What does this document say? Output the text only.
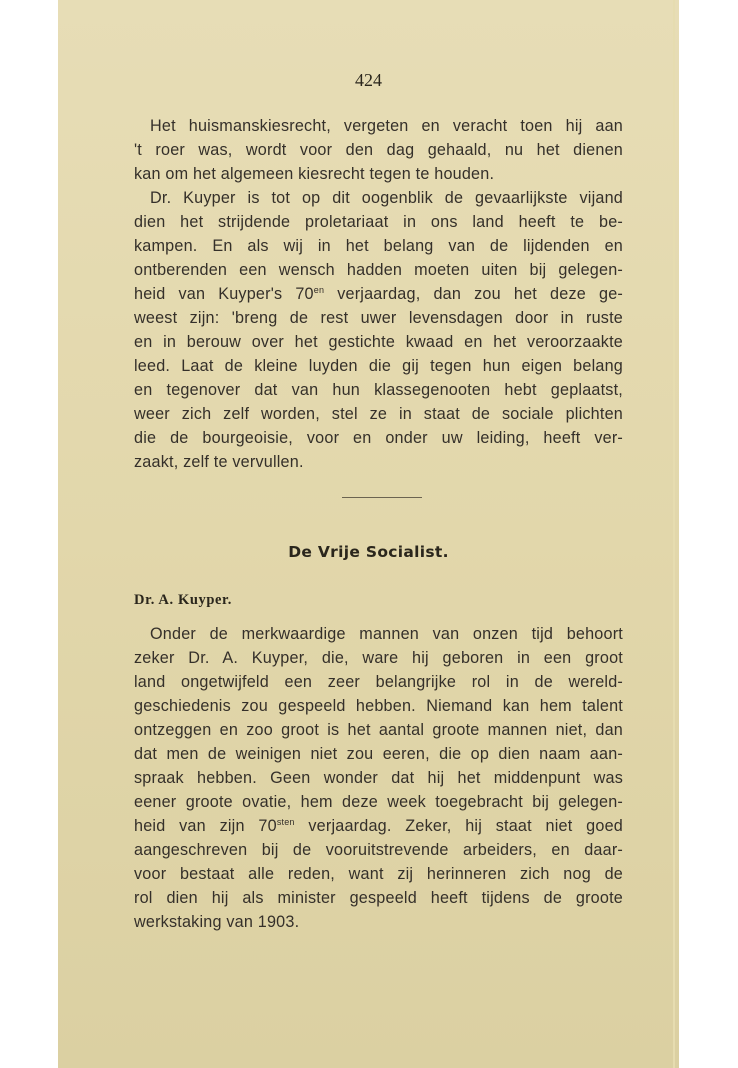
424
Het huismanskiesrecht, vergeten en veracht toen hij aan
't roer was, wordt voor den dag gehaald, nu het dienen
kan om het algemeen kiesrecht tegen te houden.
Dr. Kuyper is tot op dit oogenblik de gevaarlijkste vijand
dien het strijdende proletariaat in ons land heeft te be-
kampen. En als wij in het belang van de lijdenden en
ontberenden een wensch hadden moeten uiten bij gelegen-
heid van Kuyper's $70^{en}$ verjaardag, dan zou het deze ge-
weest zijn: 'breng de rest uwer levensdagen door in ruste
en in berouw over het gestichte kwaad en het veroorzaakte
leed. Laat de kleine luyden die gij tegen hun eigen belang
en tegenover dat van hun klassegenooten hebt geplaatst,
weer zich zelf worden, stel ze in staat de sociale plichten
die de bourgeoisie, voor en onder uw leiding, heeft ver-
zaakt, zelf te vervullen.
De Vrije Socialist.
Dr. A. Kuyper.
Onder de merkwaardige mannen van onzen tijd behoort
zeker Dr. A. Kuyper, die, ware hij geboren in een groot
land ongetwijfeld een zeer belangrijke rol in de wereld-
geschiedenis zou gespeeld hebben. Niemand kan hem talent
ontzeggen en zoo groot is het aantal groote mannen niet, dan
dat men de weinigen niet zou eeren, die op dien naam aan-
spraak hebben. Geen wonder dat hij het middenpunt was
eener groote ovatie, hem deze week toegebracht bij gelegen-
heid van zijn $70^{sten}$ verjaardag. Zeker, hij staat niet goed
aangeschreven bij de vooruitstrevende arbeiders, en daar-
voor bestaat alle reden, want zij herinneren zich nog de
rol dien hij als minister gespeeld heeft tijdens de groote
werkstaking van 1903.
